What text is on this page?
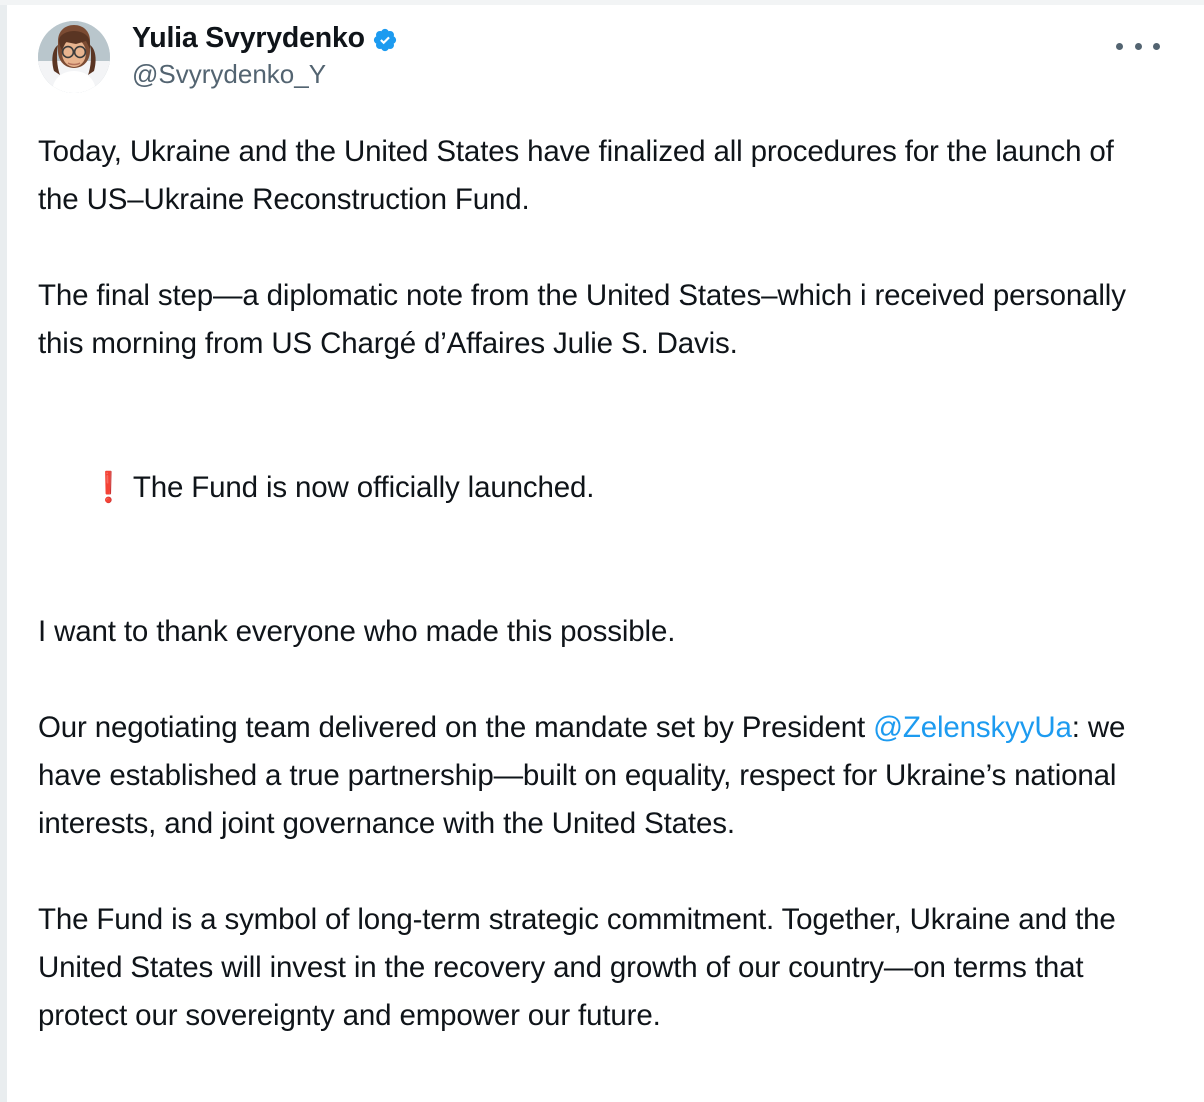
Yulia Svyrydenko
@Svyrydenko_Y

Today, Ukraine and the United States have finalized all procedures for the launch of the US–Ukraine Reconstruction Fund.

The final step—a diplomatic note from the United States–which i received personally this morning from US Chargé d’Affaires Julie S. Davis.

❗ The Fund is now officially launched.

I want to thank everyone who made this possible.

Our negotiating team delivered on the mandate set by President @ZelenskyyUa: we have established a true partnership—built on equality, respect for Ukraine’s national interests, and joint governance with the United States.

The Fund is a symbol of long-term strategic commitment. Together, Ukraine and the United States will invest in the recovery and growth of our country—on terms that protect our sovereignty and empower our future.
